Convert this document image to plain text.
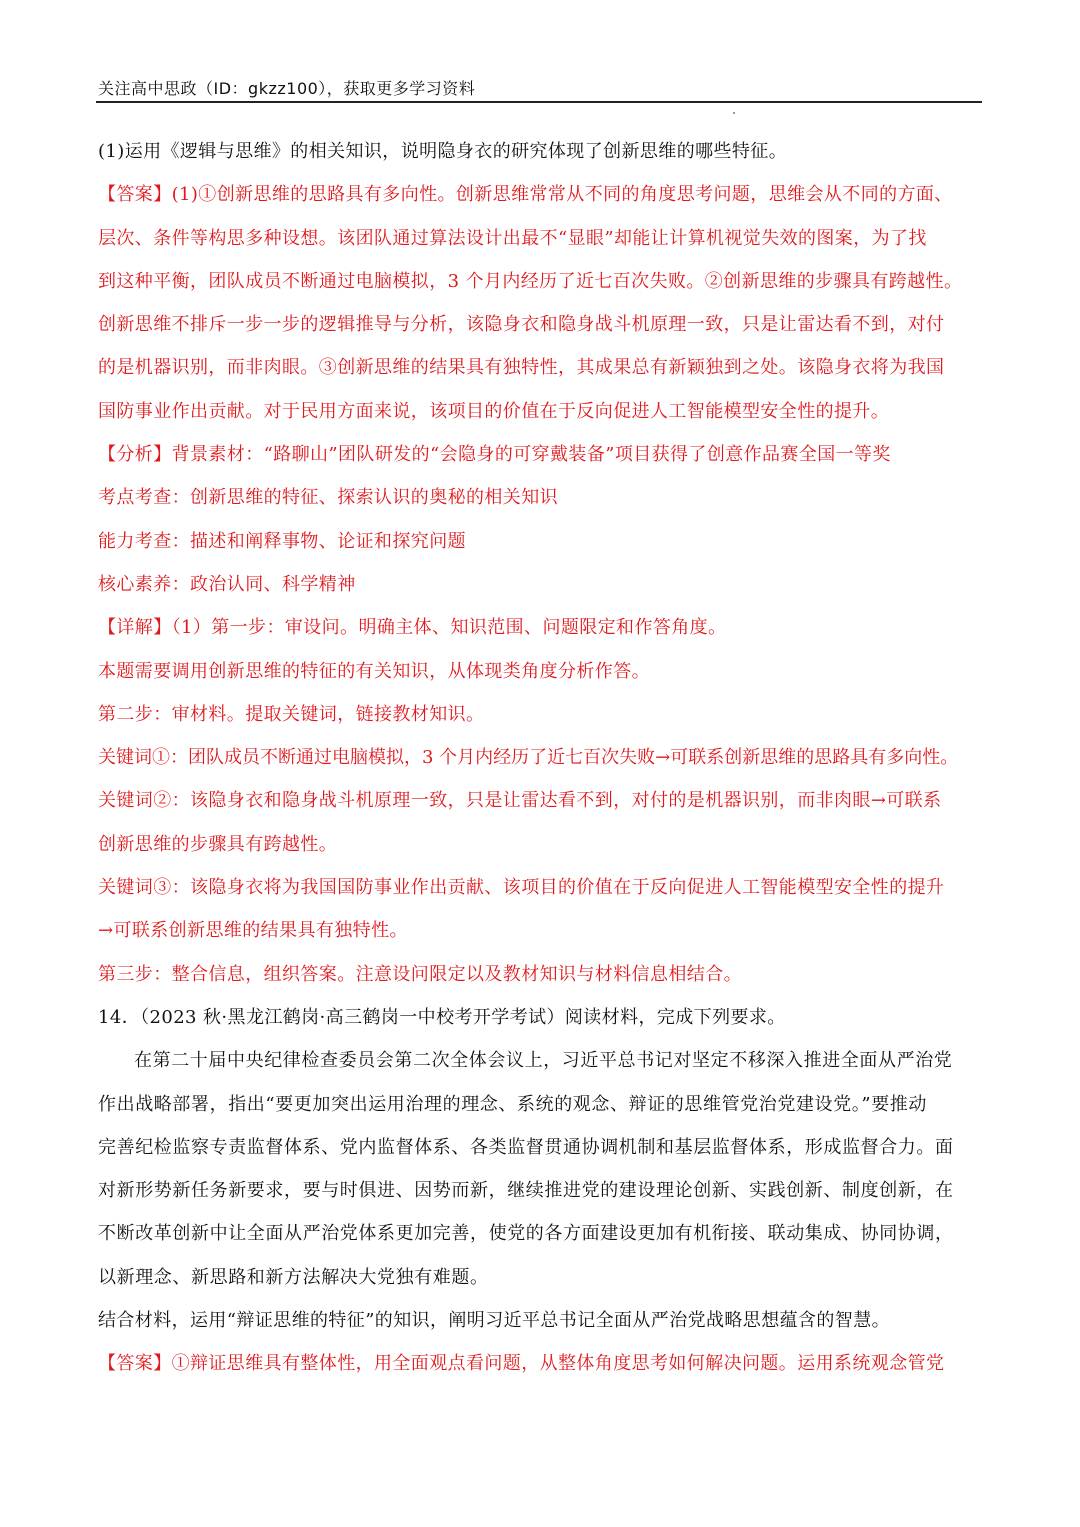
关注高中思政（ID：gkzz100），获取更多学习资料
(1)运用《逻辑与思维》的相关知识，说明隐身衣的研究体现了创新思维的哪些特征。
【答案】(1)①创新思维的思路具有多向性。创新思维常常从不同的角度思考问题，思维会从不同的方面、
层次、条件等构思多种设想。该团队通过算法设计出最不“显眼”却能让计算机视觉失效的图案，为了找
到这种平衡，团队成员不断通过电脑模拟，3 个月内经历了近七百次失败。②创新思维的步骤具有跨越性。
创新思维不排斥一步一步的逻辑推导与分析，该隐身衣和隐身战斗机原理一致，只是让雷达看不到，对付
的是机器识别，而非肉眼。③创新思维的结果具有独特性，其成果总有新颖独到之处。该隐身衣将为我国
国防事业作出贡献。对于民用方面来说，该项目的价值在于反向促进人工智能模型安全性的提升。
【分析】背景素材：“路聊山”团队研发的“会隐身的可穿戴装备”项目获得了创意作品赛全国一等奖
考点考查：创新思维的特征、探索认识的奥秘的相关知识
能力考查：描述和阐释事物、论证和探究问题
核心素养：政治认同、科学精神
【详解】（1）第一步：审设问。明确主体、知识范围、问题限定和作答角度。
本题需要调用创新思维的特征的有关知识，从体现类角度分析作答。
第二步：审材料。提取关键词，链接教材知识。
关键词①：团队成员不断通过电脑模拟，3 个月内经历了近七百次失败→可联系创新思维的思路具有多向性。
关键词②：该隐身衣和隐身战斗机原理一致，只是让雷达看不到，对付的是机器识别，而非肉眼→可联系
创新思维的步骤具有跨越性。
关键词③：该隐身衣将为我国国防事业作出贡献、该项目的价值在于反向促进人工智能模型安全性的提升
→可联系创新思维的结果具有独特性。
第三步：整合信息，组织答案。注意设问限定以及教材知识与材料信息相结合。
14．（2023 秋·黑龙江鹤岗·高三鹤岗一中校考开学考试）阅读材料，完成下列要求。
在第二十届中央纪律检查委员会第二次全体会议上，习近平总书记对坚定不移深入推进全面从严治党
作出战略部署，指出“要更加突出运用治理的理念、系统的观念、辩证的思维管党治党建设党。”要推动
完善纪检监察专责监督体系、党内监督体系、各类监督贯通协调机制和基层监督体系，形成监督合力。面
对新形势新任务新要求，要与时俱进、因势而新，继续推进党的建设理论创新、实践创新、制度创新，在
不断改革创新中让全面从严治党体系更加完善，使党的各方面建设更加有机衔接、联动集成、协同协调，
以新理念、新思路和新方法解决大党独有难题。
结合材料，运用“辩证思维的特征”的知识，阐明习近平总书记全面从严治党战略思想蕴含的智慧。
【答案】①辩证思维具有整体性，用全面观点看问题，从整体角度思考如何解决问题。运用系统观念管党
